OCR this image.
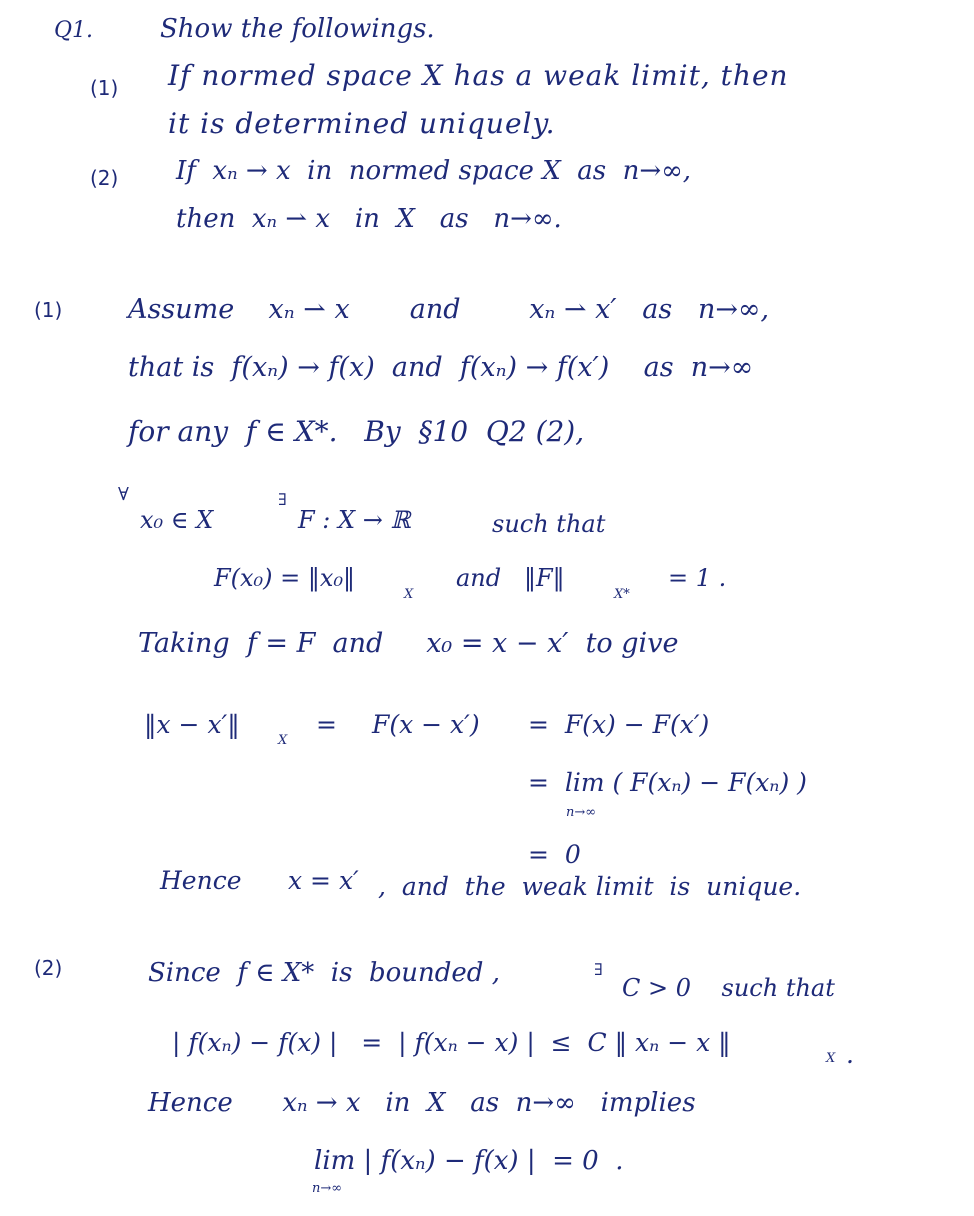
Q1.	Show the followings.
(1) If normed space X has a weak limit, then
it is determined uniquely.
(2) If  xₙ → x  in  normed space X  as  n→∞,
then  xₙ ⇀ x   in  X   as   n→∞.
(1) Assume    xₙ ⇀ x       and        xₙ ⇀ x′   as   n→∞,
that is  f(xₙ) → f(x)  and  f(xₙ) → f(x′)    as  n→∞
for any  f ∈ X*.   By  §10  Q2 (2),
∀
x₀ ∈ X
∃
F : X → ℝ	such that
F(x₀) = ‖x₀‖
X
and   ‖F‖
X*
= 1 .
Taking  f = F  and     x₀ = x − x′  to give
‖x − x′‖
X
= F(x − x′) =  F(x) − F(x′)
=  lim ( F(xₙ) − F(xₙ) )
n→∞
=  0
Hence x = x′ ,  and  the  weak limit  is  unique.
(2)	Since  f ∈ X*  is  bounded ,	∃
C > 0    such that
| f(xₙ) − f(x) |   =  | f(xₙ − x) |  ≤  C ‖ xₙ − x ‖
X .
Hence      xₙ → x   in  X   as  n→∞   implies
lim | f(xₙ) − f(x) |  = 0  .
n→∞
